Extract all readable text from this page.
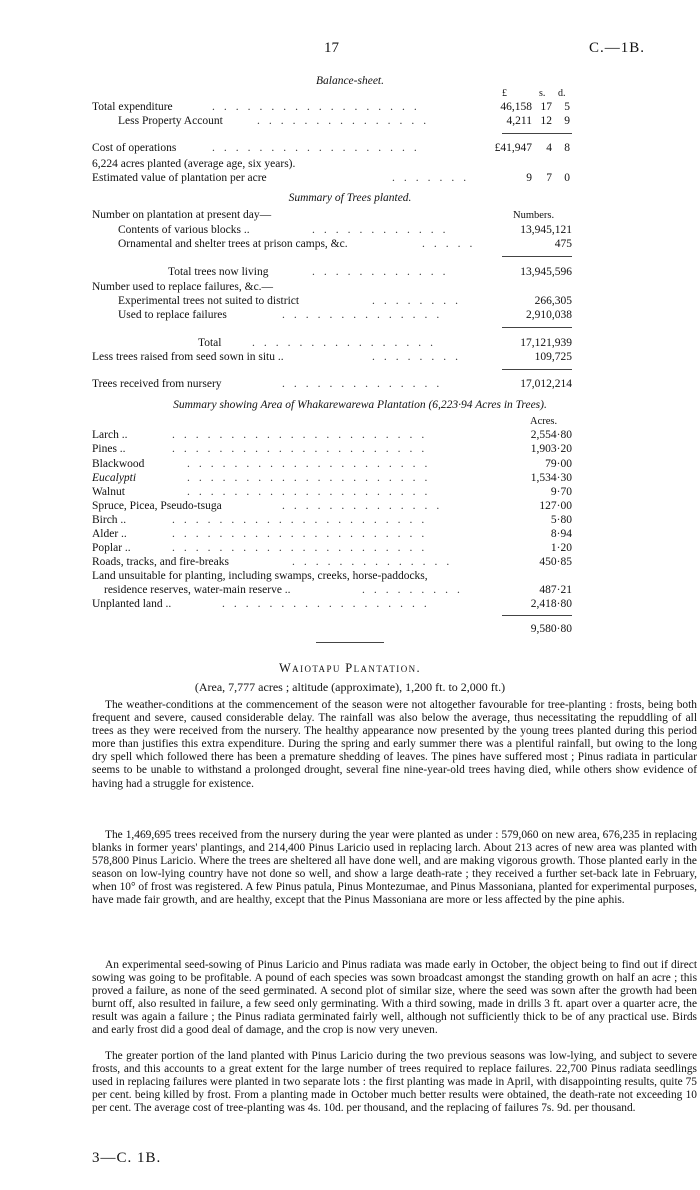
17	C.—1B.
Balance-sheet.
£	s. d.
Total expenditure	..................	46,158 17	5
Less Property Account	...............	4,211 12	9
Cost of operations	..................	£41,947	4	8
6,224 acres planted (average age, six years).
Estimated value of plantation per acre	.......	9	7	0
Summary of Trees planted.
Numbers.
Number on plantation at present day—
Contents of various blocks ..	............	13,945,121
Ornamental and shelter trees at prison camps, &c.	.....	475
Total trees now living	............	13,945,596
Number used to replace failures, &c.—
Experimental trees not suited to district	........	266,305
Used to replace failures	..............	2,910,038
Total	................	17,121,939
Less trees raised from seed sown in situ ..	........	109,725
Trees received from nursery	..............	17,012,214
Summary showing Area of Whakarewarewa Plantation (6,223·94 Acres in Trees).
Acres.
Larch ..	......................	2,554·80
Pines ..	......................	1,903·20
Blackwood	.....................	79·00
Eucalypti	.....................	1,534·30
Walnut	.....................	9·70
Spruce, Picea, Pseudo-tsuga	..............	127·00
Birch ..	......................	5·80
Alder ..	......................	8·94
Poplar ..	......................	1·20
Roads, tracks, and fire-breaks	..............	450·85
Land unsuitable for planting, including swamps, creeks, horse-paddocks,
residence reserves, water-main reserve ..	.........	487·21
Unplanted land ..	..................	2,418·80
9,580·80
Waiotapu Plantation.
(Area, 7,777 acres ; altitude (approximate), 1,200 ft. to 2,000 ft.)

The weather-conditions at the commencement of the season were not altogether favourable for tree-planting : frosts, being both frequent and severe, caused considerable delay. The rainfall was also below the average, thus necessitating the repuddling of all trees as they were received from the nursery. The healthy appearance now presented by the young trees planted during this period more than justifies this extra expenditure. During the spring and early summer there was a plentiful rainfall, but owing to the long dry spell which followed there has been a premature shedding of leaves. The pines have suffered most ; Pinus radiata in particular seems to be unable to withstand a prolonged drought, several fine nine-year-old trees having died, while others show evidence of having had a struggle for existence.

The 1,469,695 trees received from the nursery during the year were planted as under : 579,060 on new area, 676,235 in replacing blanks in former years' plantings, and 214,400 Pinus Laricio used in replacing larch. About 213 acres of new area was planted with 578,800 Pinus Laricio. Where the trees are sheltered all have done well, and are making vigorous growth. Those planted early in the season on low-lying country have not done so well, and show a large death-rate ; they received a further set-back late in February, when 10° of frost was registered. A few Pinus patula, Pinus Montezumae, and Pinus Massoniana, planted for experimental purposes, have made fair growth, and are healthy, except that the Pinus Massoniana are more or less affected by the pine aphis.

An experimental seed-sowing of Pinus Laricio and Pinus radiata was made early in October, the object being to find out if direct sowing was going to be profitable. A pound of each species was sown broadcast amongst the standing growth on half an acre ; this proved a failure, as none of the seed germinated. A second plot of similar size, where the seed was sown after the growth had been burnt off, also resulted in failure, a few seed only germinating. With a third sowing, made in drills 3 ft. apart over a quarter acre, the result was again a failure ; the Pinus radiata germinated fairly well, although not sufficiently thick to be of any practical use. Birds and early frost did a good deal of damage, and the crop is now very uneven.

The greater portion of the land planted with Pinus Laricio during the two previous seasons was low-lying, and subject to severe frosts, and this accounts to a great extent for the large number of trees required to replace failures. 22,700 Pinus radiata seedlings used in replacing failures were planted in two separate lots : the first planting was made in April, with disappointing results, quite 75 per cent. being killed by frost. From a planting made in October much better results were obtained, the death-rate not exceeding 10 per cent. The average cost of tree-planting was 4s. 10d. per thousand, and the replacing of failures 7s. 9d. per thousand.

3—C. 1B.
